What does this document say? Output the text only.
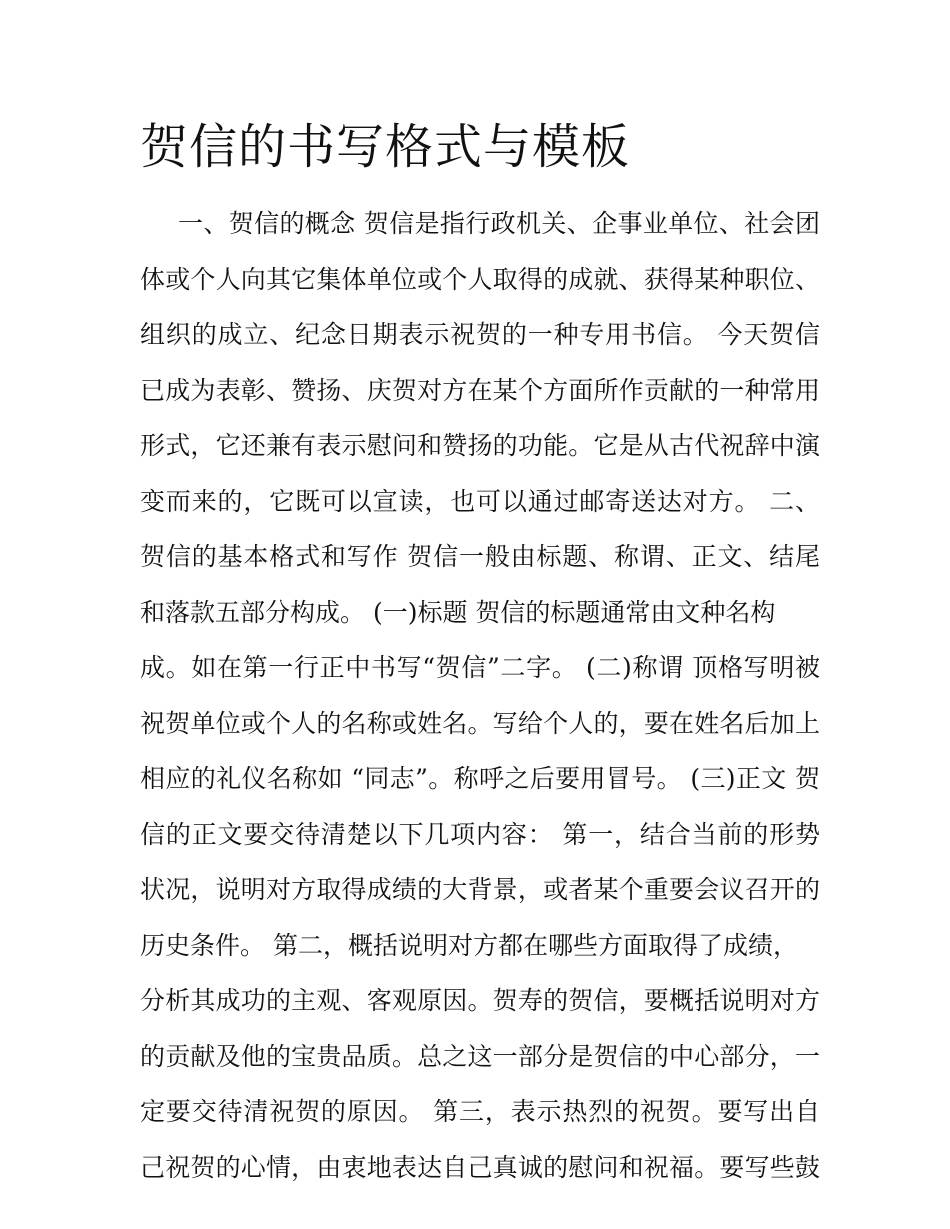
贺信的书写格式与模板
一、贺信的概念 贺信是指行政机关、企事业单位、社会团
体或个人向其它集体单位或个人取得的成就、获得某种职位、
组织的成立、纪念日期表示祝贺的一种专用书信。 今天贺信
已成为表彰、赞扬、庆贺对方在某个方面所作贡献的一种常用
形式，它还兼有表示慰问和赞扬的功能。它是从古代祝辞中演
变而来的，它既可以宣读，也可以通过邮寄送达对方。 二、
贺信的基本格式和写作 贺信一般由标题、称谓、正文、结尾
和落款五部分构成。 (一)标题 贺信的标题通常由文种名构
成。如在第一行正中书写“贺信”二字。 (二)称谓 顶格写明被
祝贺单位或个人的名称或姓名。写给个人的，要在姓名后加上
相应的礼仪名称如 “同志”。称呼之后要用冒号。 (三)正文 贺
信的正文要交待清楚以下几项内容： 第一，结合当前的形势
状况，说明对方取得成绩的大背景，或者某个重要会议召开的
历史条件。 第二，概括说明对方都在哪些方面取得了成绩，
分析其成功的主观、客观原因。贺寿的贺信，要概括说明对方
的贡献及他的宝贵品质。总之这一部分是贺信的中心部分，一
定要交待清祝贺的原因。 第三，表示热烈的祝贺。要写出自
己祝贺的心情，由衷地表达自己真诚的慰问和祝福。要写些鼓
